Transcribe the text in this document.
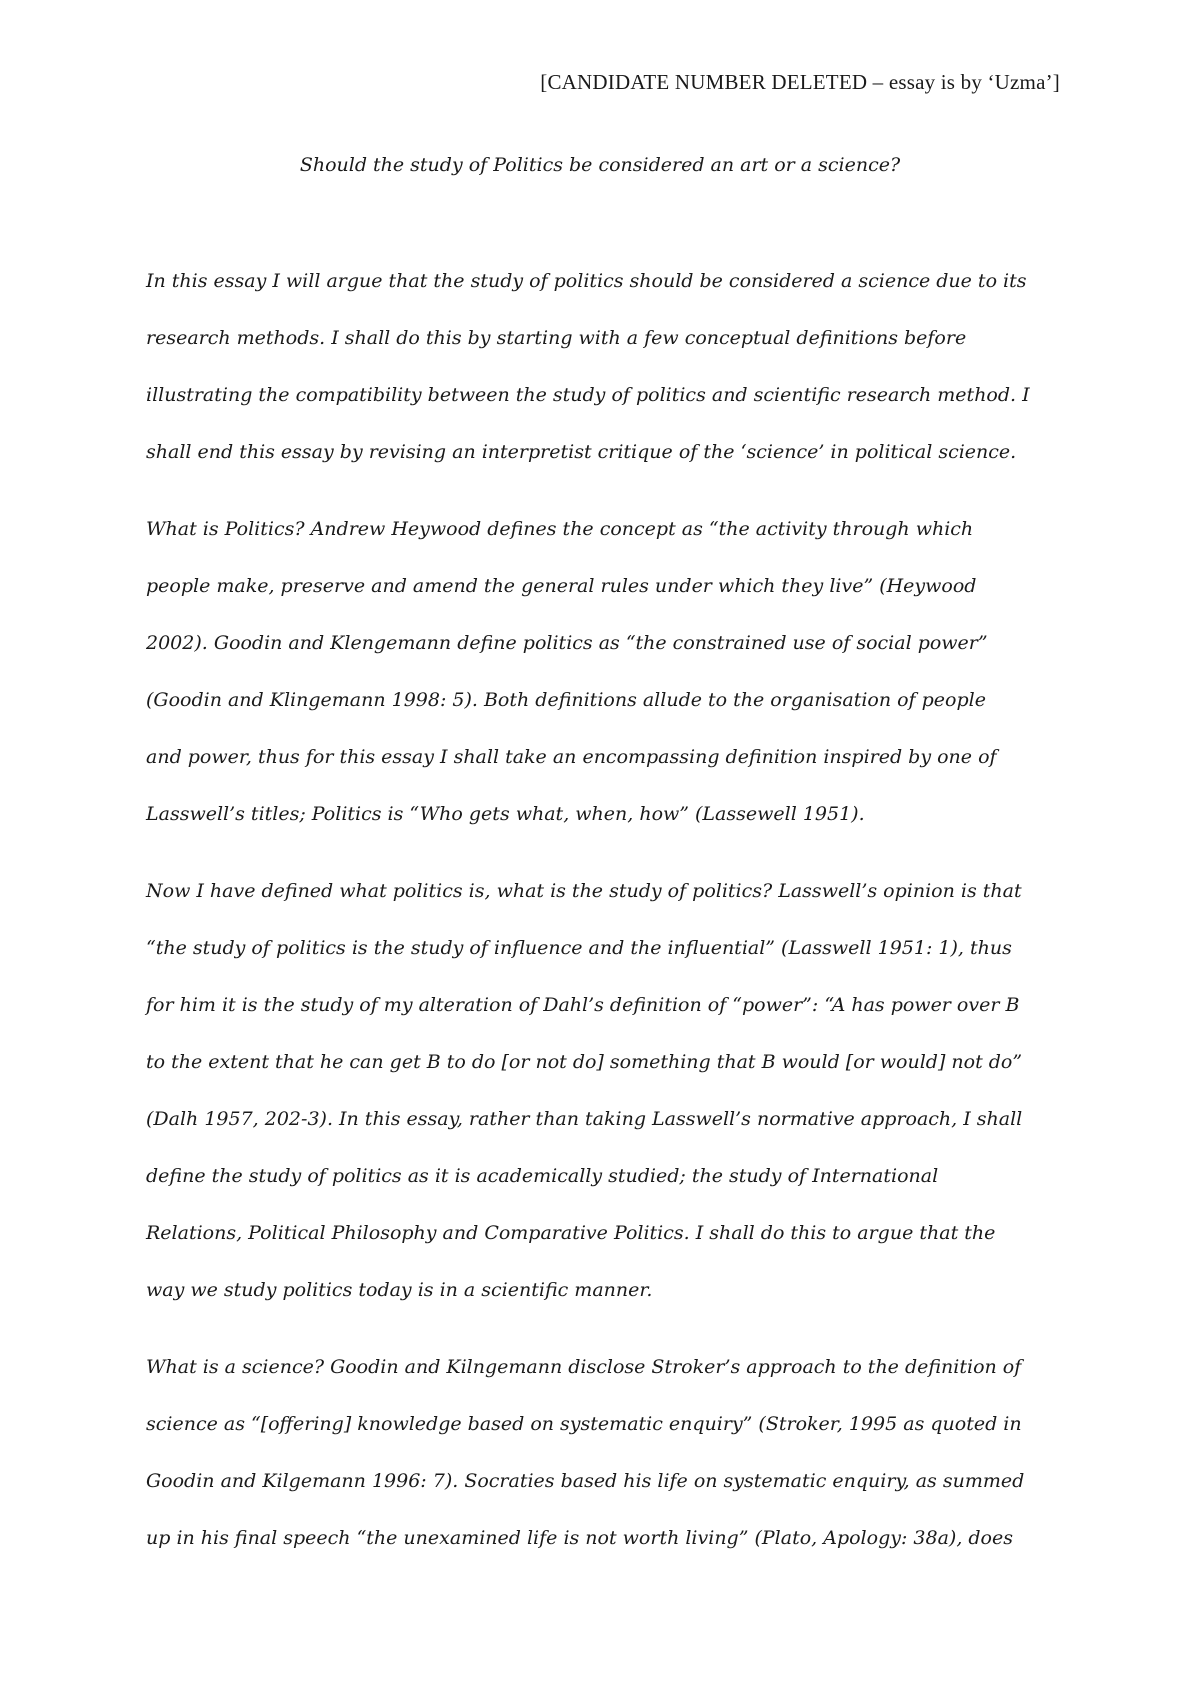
[CANDIDATE NUMBER DELETED – essay is by ‘Uzma’]
Should the study of Politics be considered an art or a science?
In this essay I will argue that the study of politics should be considered a science due to its
research methods. I shall do this by starting with a few conceptual definitions before
illustrating the compatibility between the study of politics and scientific research method. I
shall end this essay by revising an interpretist critique of the ‘science’ in political science.
What is Politics? Andrew Heywood defines the concept as “the activity through which
people make, preserve and amend the general rules under which they live” (Heywood
2002). Goodin and Klengemann define politics as “the constrained use of social power”
(Goodin and Klingemann 1998: 5). Both definitions allude to the organisation of people
and power, thus for this essay I shall take an encompassing definition inspired by one of
Lasswell’s titles; Politics is “Who gets what, when, how” (Lassewell 1951).
Now I have defined what politics is, what is the study of politics? Lasswell’s opinion is that
“the study of politics is the study of influence and the influential” (Lasswell 1951: 1), thus
for him it is the study of my alteration of Dahl’s definition of “power”: “A has power over B
to the extent that he can get B to do [or not do] something that B would [or would] not do”
(Dalh 1957, 202-3). In this essay, rather than taking Lasswell’s normative approach, I shall
define the study of politics as it is academically studied; the study of International
Relations, Political Philosophy and Comparative Politics. I shall do this to argue that the
way we study politics today is in a scientific manner.
What is a science? Goodin and Kilngemann disclose Stroker’s approach to the definition of
science as “[offering] knowledge based on systematic enquiry” (Stroker, 1995 as quoted in
Goodin and Kilgemann 1996: 7). Socraties based his life on systematic enquiry, as summed
up in his final speech “the unexamined life is not worth living” (Plato, Apology: 38a), does
